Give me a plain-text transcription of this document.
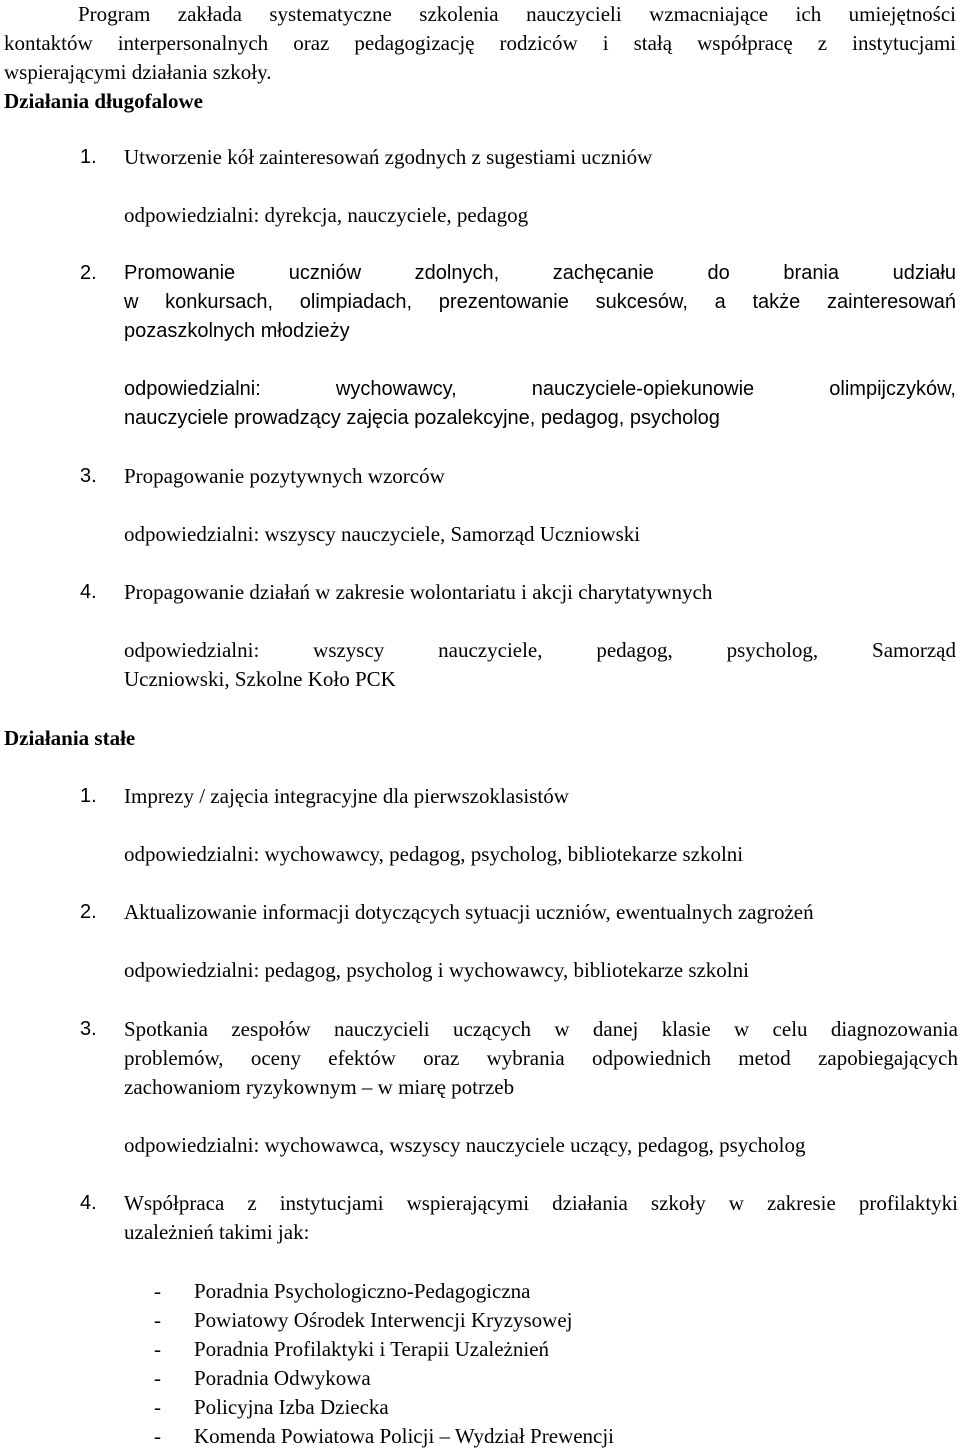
Program zakłada systematyczne szkolenia nauczycieli wzmacniające ich umiejętności

kontaktów interpersonalnych oraz pedagogizację rodziców i stałą współpracę z instytucjami

wspierającymi działania szkoły.

Działania długofalowe
1. Utworzenie kół zainteresowań zgodnych z sugestiami uczniów

odpowiedzialni: dyrekcja, nauczyciele, pedagog

2. Promowanie uczniów zdolnych, zachęcanie do brania udziału

w konkursach, olimpiadach, prezentowanie sukcesów, a także zainteresowań

pozaszkolnych młodzieży

odpowiedzialni: wychowawcy, nauczyciele-opiekunowie olimpijczyków,

nauczyciele prowadzący zajęcia pozalekcyjne, pedagog, psycholog

3. Propagowanie pozytywnych wzorców

odpowiedzialni: wszyscy nauczyciele, Samorząd Uczniowski

4. Propagowanie działań w zakresie wolontariatu i akcji charytatywnych

odpowiedzialni: wszyscy nauczyciele, pedagog, psycholog, Samorząd

Uczniowski, Szkolne Koło PCK

Działania stałe
1. Imprezy / zajęcia integracyjne dla pierwszoklasistów

odpowiedzialni: wychowawcy, pedagog, psycholog, bibliotekarze szkolni

2. Aktualizowanie informacji dotyczących sytuacji uczniów, ewentualnych zagrożeń

odpowiedzialni: pedagog, psycholog i wychowawcy, bibliotekarze szkolni

3. Spotkania zespołów nauczycieli uczących w danej klasie w celu diagnozowania

problemów, oceny efektów oraz wybrania odpowiednich metod zapobiegających

zachowaniom ryzykownym – w miarę potrzeb

odpowiedzialni: wychowawca, wszyscy nauczyciele uczący, pedagog, psycholog

4. Współpraca z instytucjami wspierającymi działania szkoły w zakresie profilaktyki

uzależnień takimi jak:

- Poradnia Psychologiczno-Pedagogiczna
- Powiatowy Ośrodek Interwencji Kryzysowej
- Poradnia Profilaktyki i Terapii Uzależnień
- Poradnia Odwykowa
- Policyjna Izba Dziecka
- Komenda Powiatowa Policji – Wydział Prewencji
